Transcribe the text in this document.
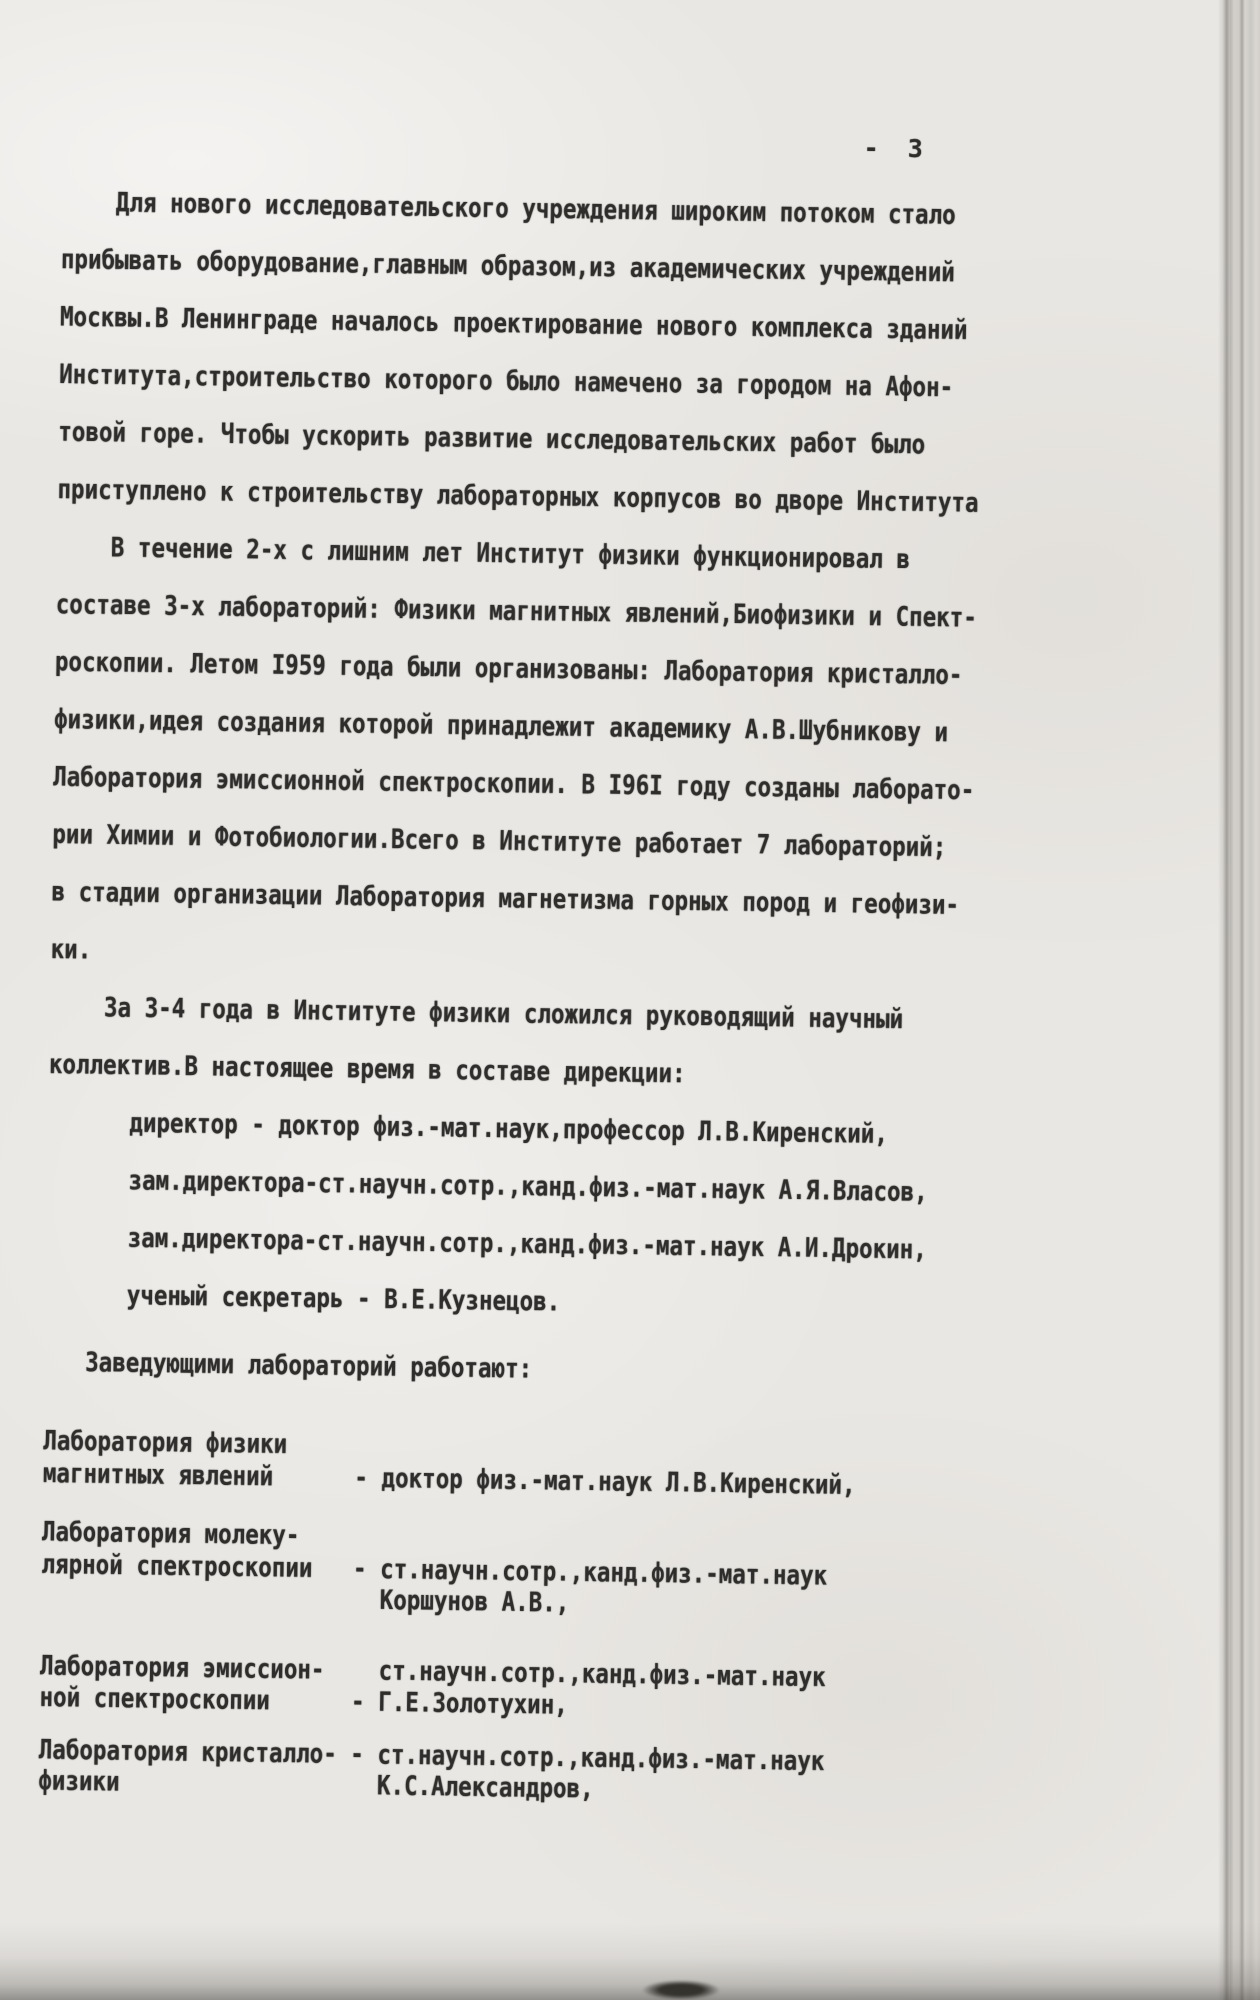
- 3
Для нового исследовательского учреждения широким потоком стало
прибывать оборудование,главным образом,из академических учреждений
Москвы.В Ленинграде началось проектирование нового комплекса зданий
Института,строительство которого было намечено за городом на Афон-
товой горе. Чтобы ускорить развитие исследовательских работ было
приступлено к строительству лабораторных корпусов во дворе Института
В течение 2-х с лишним лет Институт физики функционировал в
составе 3-х лабораторий: Физики магнитных явлений,Биофизики и Спект-
роскопии. Летом I959 года были организованы: Лаборатория кристалло-
физики,идея создания которой принадлежит академику А.В.Шубникову и
Лаборатория эмиссионной спектроскопии. В I96I году созданы лаборато-
рии Химии и Фотобиологии.Всего в Институте работает 7 лабораторий;
в стадии организации Лаборатория магнетизма горных пород и геофизи-
ки.
За 3-4 года в Институте физики сложился руководящий научный
коллектив.В настоящее время в составе дирекции:
директор - доктор физ.-мат.наук,профессор Л.В.Киренский,
зам.директора-ст.научн.сотр.,канд.физ.-мат.наук А.Я.Власов,
зам.директора-ст.научн.сотр.,канд.физ.-мат.наук А.И.Дрокин,
ученый секретарь - В.Е.Кузнецов.
Заведующими лабораторий работают:
Лаборатория физики
магнитных явлений      - доктор физ.-мат.наук Л.В.Киренский,
Лаборатория молеку-
лярной спектроскопии   - ст.научн.сотр.,канд.физ.-мат.наук
Коршунов А.В.,
Лаборатория эмиссион-    ст.научн.сотр.,канд.физ.-мат.наук
ной спектроскопии      - Г.Е.Золотухин,
Лаборатория кристалло- - ст.научн.сотр.,канд.физ.-мат.наук
физики                   К.С.Александров,
